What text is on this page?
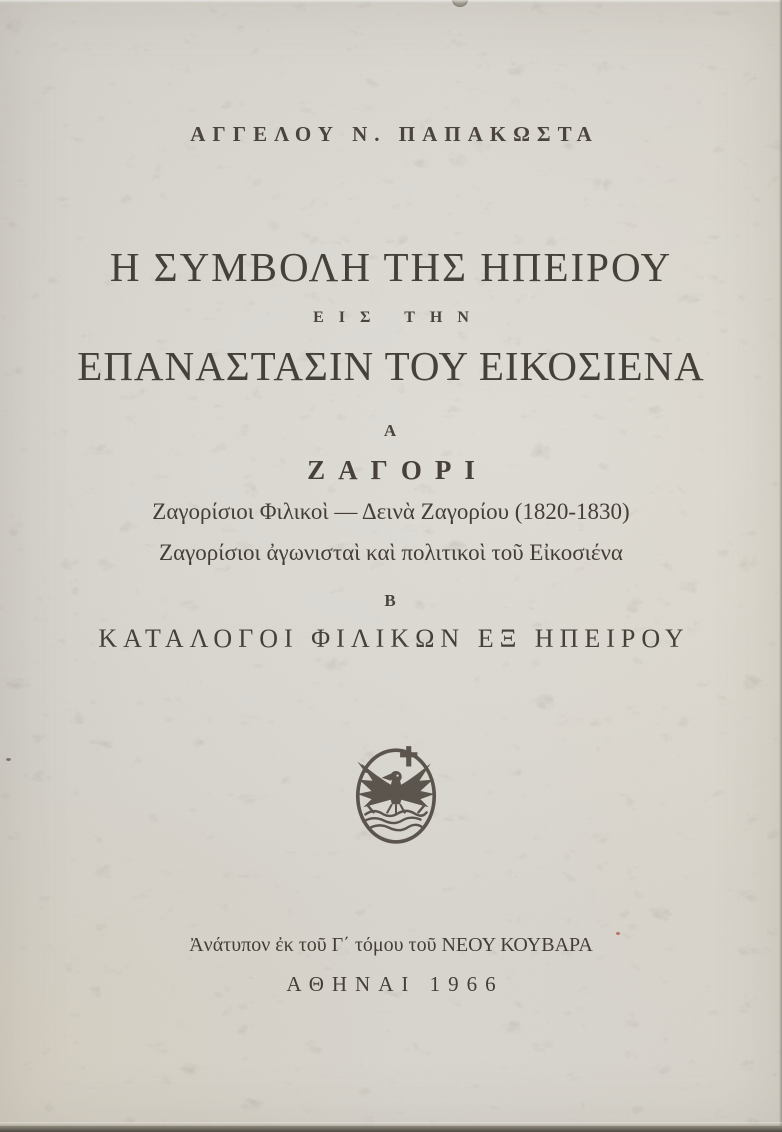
ΑΓΓΕΛΟΥ Ν. ΠΑΠΑΚΩΣΤΑ
Η ΣΥΜΒΟΛΗ ΤΗΣ ΗΠΕΙΡΟΥ
ΕΙΣ ΤΗΝ
ΕΠΑΝΑΣΤΑΣΙΝ ΤΟΥ ΕΙΚΟΣΙΕΝΑ
Α
ΖΑΓΟΡΙ
Ζαγορίσιοι Φιλικοὶ — Δεινὰ Ζαγορίου (1820-1830)
Ζαγορίσιοι ἀγωνισταὶ καὶ πολιτικοὶ τοῦ Εἰκοσιένα
Β
ΚΑΤΑΛΟΓΟΙ ΦΙΛΙΚΩΝ ΕΞ ΗΠΕΙΡΟΥ
Ἀνάτυπον ἐκ τοῦ Γ΄ τόμου τοῦ ΝΕΟΥ ΚΟΥΒΑΡΑ
ΑΘΗΝΑΙ 1966
